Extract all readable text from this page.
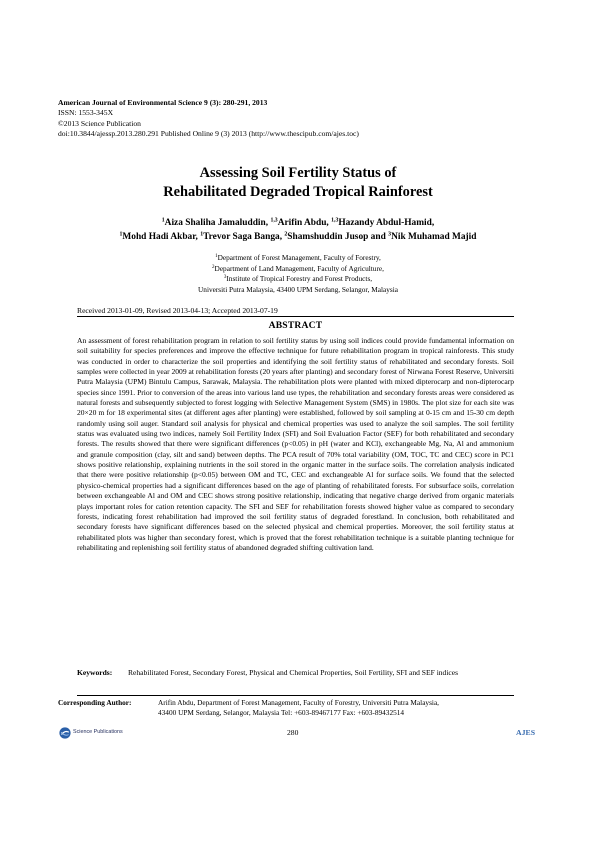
American Journal of Environmental Science 9 (3): 280-291, 2013
ISSN: 1553-345X
©2013 Science Publication
doi:10.3844/ajessp.2013.280.291 Published Online 9 (3) 2013 (http://www.thescipub.com/ajes.toc)
Assessing Soil Fertility Status of
Rehabilitated Degraded Tropical Rainforest
$^1$Aiza Shaliha Jamaluddin, $^{1,3}$Arifin Abdu, $^{1,3}$Hazandy Abdul-Hamid,
$^1$Mohd Hadi Akbar, $^1$Trevor Saga Banga, $^2$Shamshuddin Jusop and $^3$Nik Muhamad Majid
$^1$Department of Forest Management, Faculty of Forestry,
$^2$Department of Land Management, Faculty of Agriculture,
$^3$Institute of Tropical Forestry and Forest Products,
Universiti Putra Malaysia, 43400 UPM Serdang, Selangor, Malaysia
Received 2013-01-09, Revised 2013-04-13; Accepted 2013-07-19
ABSTRACT
An assessment of forest rehabilitation program in relation to soil fertility status by using soil indices could provide fundamental information on soil suitability for species preferences and improve the effective technique for future rehabilitation program in tropical rainforests. This study was conducted in order to characterize the soil properties and identifying the soil fertility status of rehabilitated and secondary forests. Soil samples were collected in year 2009 at rehabilitation forests (20 years after planting) and secondary forest of Nirwana Forest Reserve, Universiti Putra Malaysia (UPM) Bintulu Campus, Sarawak, Malaysia. The rehabilitation plots were planted with mixed dipterocarp and non-dipterocarp species since 1991. Prior to conversion of the areas into various land use types, the rehabilitation and secondary forests areas were considered as natural forests and subsequently subjected to forest logging with Selective Management System (SMS) in 1980s. The plot size for each site was 20×20 m for 18 experimental sites (at different ages after planting) were established, followed by soil sampling at 0-15 cm and 15-30 cm depth randomly using soil auger. Standard soil analysis for physical and chemical properties was used to analyze the soil samples. The soil fertility status was evaluated using two indices, namely Soil Fertility Index (SFI) and Soil Evaluation Factor (SEF) for both rehabilitated and secondary forests. The results showed that there were significant differences (p<0.05) in pH (water and KCl), exchangeable Mg, Na, Al and ammonium and granule composition (clay, silt and sand) between depths. The PCA result of 70% total variability (OM, TOC, TC and CEC) score in PC1 shows positive relationship, explaining nutrients in the soil stored in the organic matter in the surface soils. The correlation analysis indicated that there were positive relationship (p<0.05) between OM and TC, CEC and exchangeable Al for surface soils. We found that the selected physico-chemical properties had a significant differences based on the age of planting of rehabilitated forests. For subsurface soils, correlation between exchangeable Al and OM and CEC shows strong positive relationship, indicating that negative charge derived from organic materials plays important roles for cation retention capacity. The SFI and SEF for rehabilitation forests showed higher value as compared to secondary forests, indicating forest rehabilitation had improved the soil fertility status of degraded forestland. In conclusion, both rehabilitated and secondary forests have significant differences based on the selected physical and chemical properties. Moreover, the soil fertility status at rehabilitated plots was higher than secondary forest, which is proved that the forest rehabilitation technique is a suitable planting technique for rehabilitating and replenishing soil fertility status of abandoned degraded shifting cultivation land.
Keywords: Rehabilitated Forest, Secondary Forest, Physical and Chemical Properties, Soil Fertility, SFI and SEF indices
Corresponding Author:	Arifin Abdu, Department of Forest Management, Faculty of Forestry, Universiti Putra Malaysia,
43400 UPM Serdang, Selangor, Malaysia Tel: +603-89467177 Fax: +603-89432514
Science Publications	280	AJES
